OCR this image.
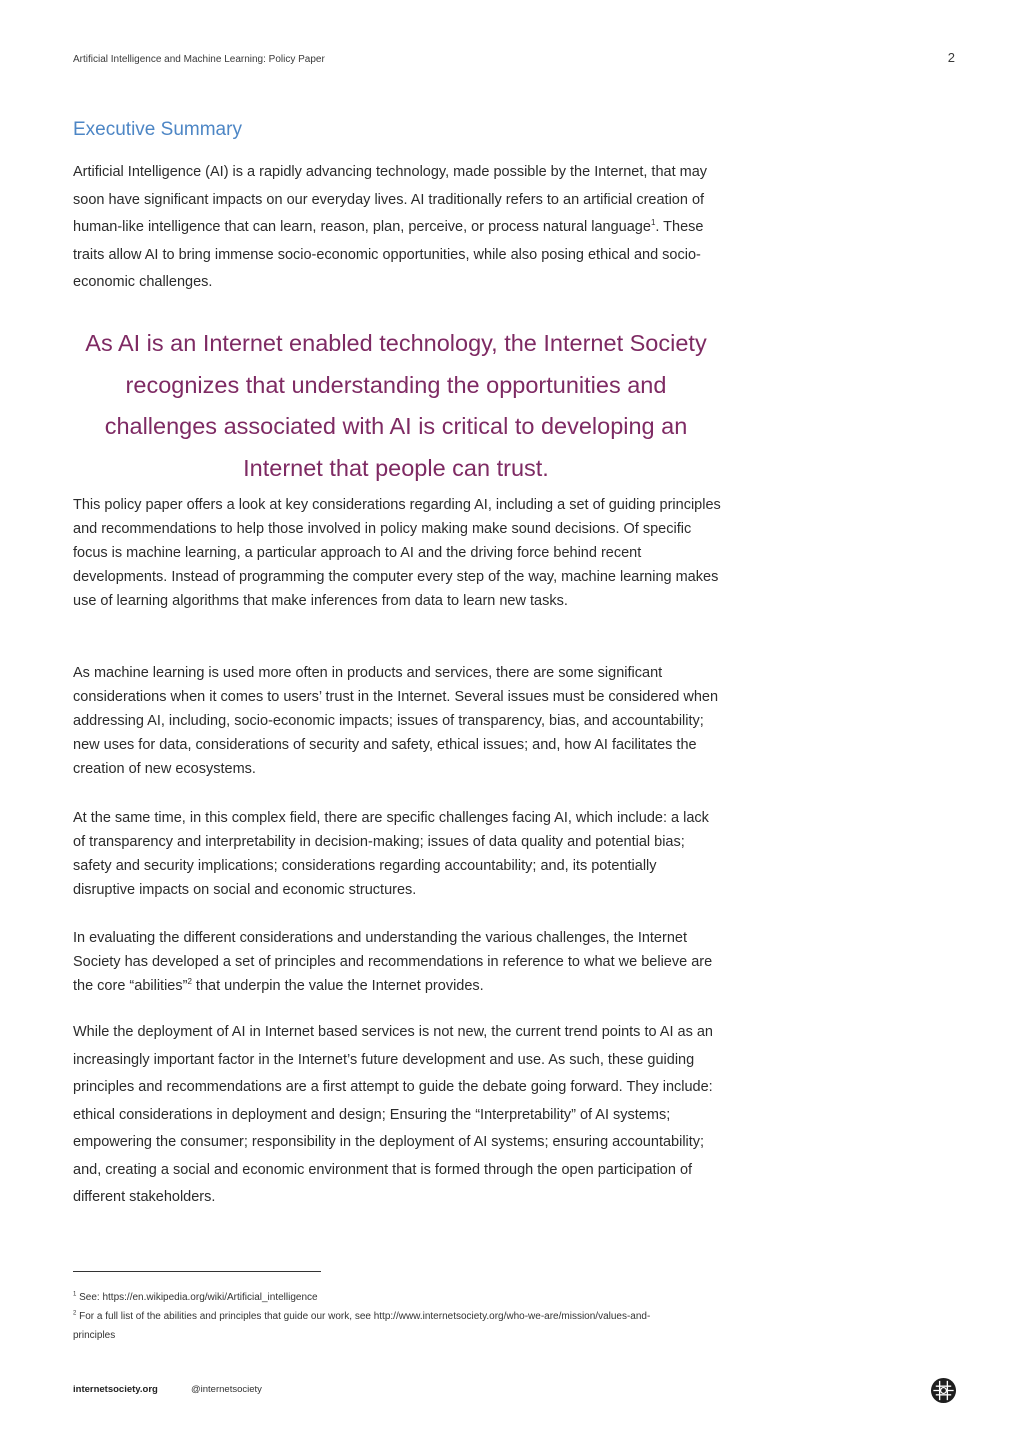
Artificial Intelligence and Machine Learning: Policy Paper	2
Executive Summary

Artificial Intelligence (AI) is a rapidly advancing technology, made possible by the Internet, that may soon have significant impacts on our everyday lives. AI traditionally refers to an artificial creation of human-like intelligence that can learn, reason, plan, perceive, or process natural language$^1$. These traits allow AI to bring immense socio-economic opportunities, while also posing ethical and socio-economic challenges.

As AI is an Internet enabled technology, the Internet Society recognizes that understanding the opportunities and challenges associated with AI is critical to developing an Internet that people can trust.

This policy paper offers a look at key considerations regarding AI, including a set of guiding principles and recommendations to help those involved in policy making make sound decisions. Of specific focus is machine learning, a particular approach to AI and the driving force behind recent developments. Instead of programming the computer every step of the way, machine learning makes use of learning algorithms that make inferences from data to learn new tasks.

As machine learning is used more often in products and services, there are some significant considerations when it comes to users’ trust in the Internet. Several issues must be considered when addressing AI, including, socio-economic impacts; issues of transparency, bias, and accountability; new uses for data, considerations of security and safety, ethical issues; and, how AI facilitates the creation of new ecosystems.

At the same time, in this complex field, there are specific challenges facing AI, which include: a lack of transparency and interpretability in decision-making; issues of data quality and potential bias; safety and security implications; considerations regarding accountability; and, its potentially disruptive impacts on social and economic structures.

In evaluating the different considerations and understanding the various challenges, the Internet Society has developed a set of principles and recommendations in reference to what we believe are the core “abilities”$^2$ that underpin the value the Internet provides.

While the deployment of AI in Internet based services is not new, the current trend points to AI as an increasingly important factor in the Internet’s future development and use. As such, these guiding principles and recommendations are a first attempt to guide the debate going forward. They include: ethical considerations in deployment and design; Ensuring the “Interpretability” of AI systems; empowering the consumer; responsibility in the deployment of AI systems; ensuring accountability; and, creating a social and economic environment that is formed through the open participation of different stakeholders.

$^1$ See: https://en.wikipedia.org/wiki/Artificial_intelligence
$^2$ For a full list of the abilities and principles that guide our work, see http://www.internetsociety.org/who-we-are/mission/values-and-principles
internetsociety.org	@internetsociety
